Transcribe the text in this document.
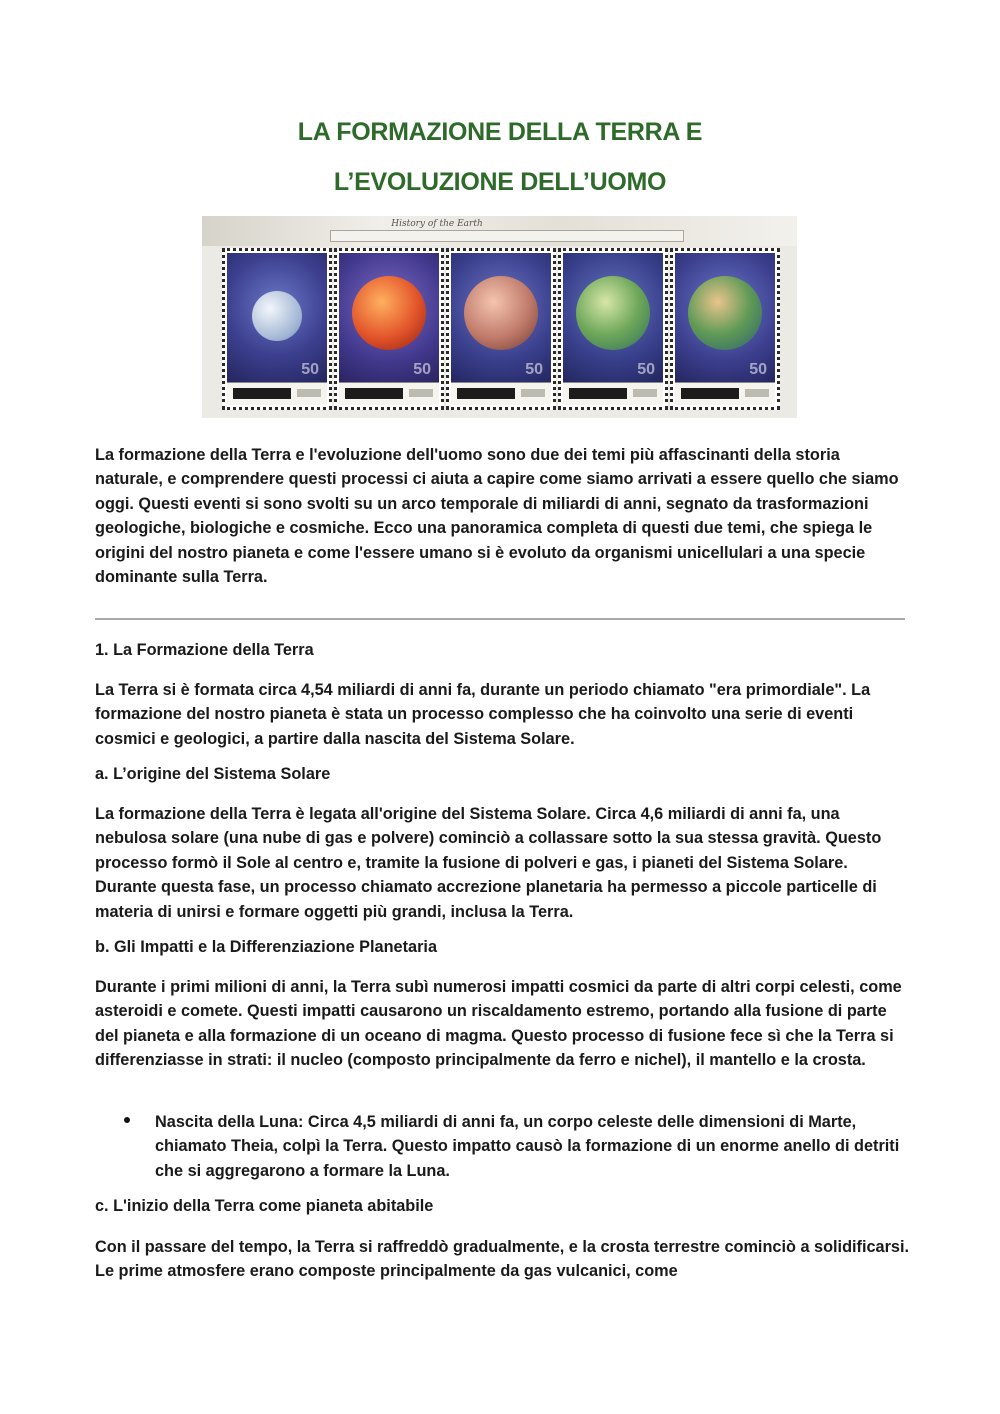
LA FORMAZIONE DELLA TERRA E
L’EVOLUZIONE DELL’UOMO
History of the Earth
50	50	50	50	50

La formazione della Terra e l'evoluzione dell'uomo sono due dei temi più affascinanti della storia naturale, e comprendere questi processi ci aiuta a capire come siamo arrivati a essere quello che siamo oggi. Questi eventi si sono svolti su un arco temporale di miliardi di anni, segnato da trasformazioni geologiche, biologiche e cosmiche. Ecco una panoramica completa di questi due temi, che spiega le origini del nostro pianeta e come l'essere umano si è evoluto da organismi unicellulari a una specie dominante sulla Terra.

1. La Formazione della Terra

La Terra si è formata circa 4,54 miliardi di anni fa, durante un periodo chiamato "era primordiale". La formazione del nostro pianeta è stata un processo complesso che ha coinvolto una serie di eventi cosmici e geologici, a partire dalla nascita del Sistema Solare.

a. L’origine del Sistema Solare

La formazione della Terra è legata all'origine del Sistema Solare. Circa 4,6 miliardi di anni fa, una nebulosa solare (una nube di gas e polvere) cominciò a collassare sotto la sua stessa gravità. Questo processo formò il Sole al centro e, tramite la fusione di polveri e gas, i pianeti del Sistema Solare. Durante questa fase, un processo chiamato accrezione planetaria ha permesso a piccole particelle di materia di unirsi e formare oggetti più grandi, inclusa la Terra.

b. Gli Impatti e la Differenziazione Planetaria

Durante i primi milioni di anni, la Terra subì numerosi impatti cosmici da parte di altri corpi celesti, come asteroidi e comete. Questi impatti causarono un riscaldamento estremo, portando alla fusione di parte del pianeta e alla formazione di un oceano di magma. Questo processo di fusione fece sì che la Terra si differenziasse in strati: il nucleo (composto principalmente da ferro e nichel), il mantello e la crosta.

Nascita della Luna: Circa 4,5 miliardi di anni fa, un corpo celeste delle dimensioni di Marte, chiamato Theia, colpì la Terra. Questo impatto causò la formazione di un enorme anello di detriti che si aggregarono a formare la Luna.

c. L'inizio della Terra come pianeta abitabile

Con il passare del tempo, la Terra si raffreddò gradualmente, e la crosta terrestre cominciò a solidificarsi. Le prime atmosfere erano composte principalmente da gas vulcanici, come
